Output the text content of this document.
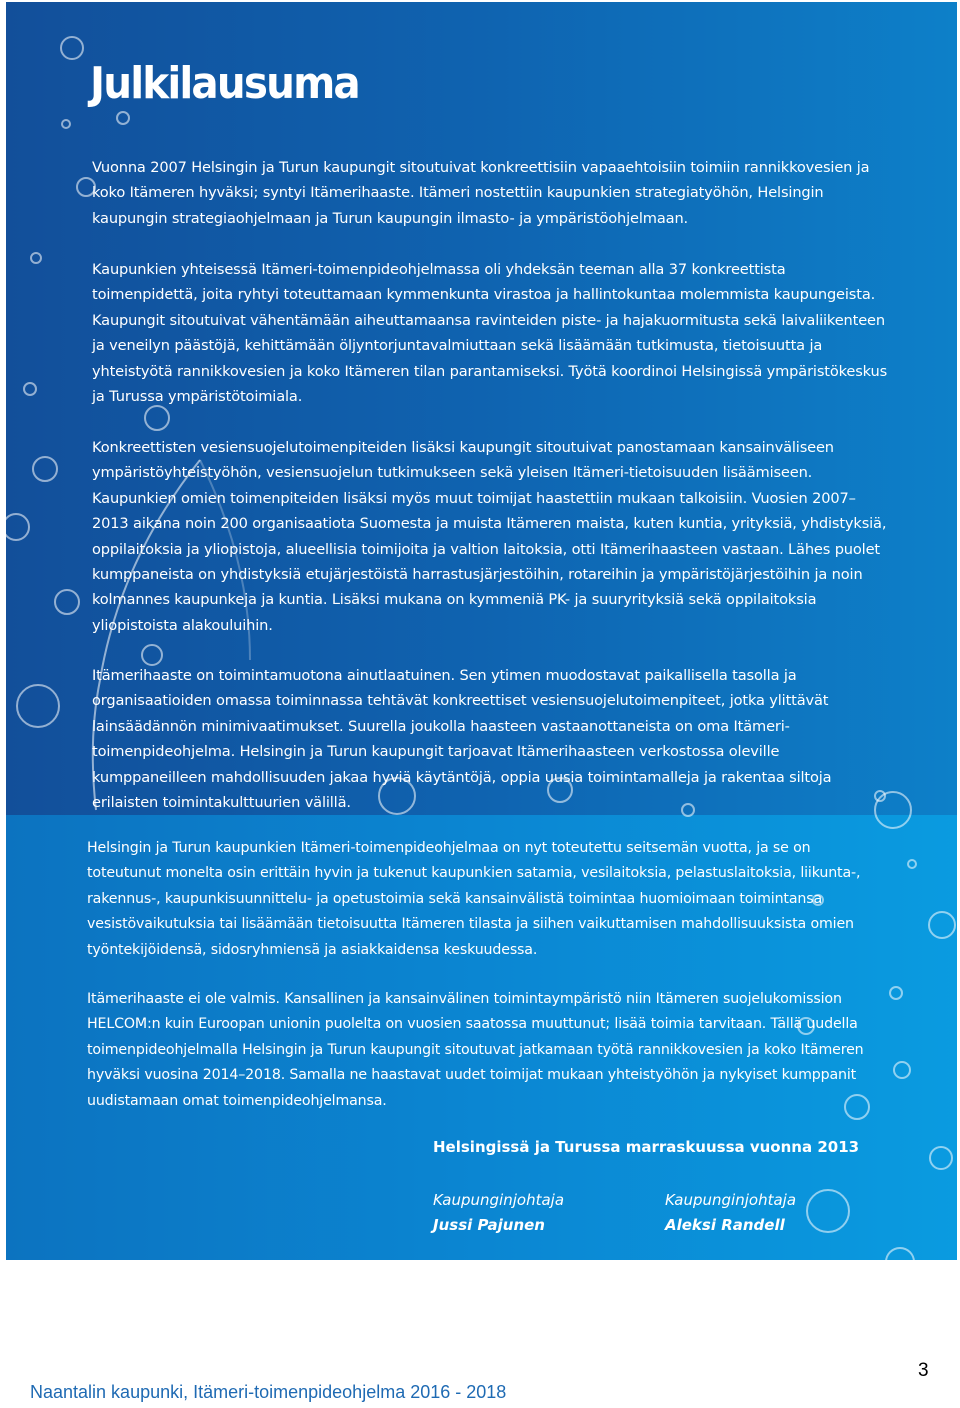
Julkilausuma

Vuonna 2007 Helsingin ja Turun kaupungit sitoutuivat konkreettisiin vapaaehtoisiin toimiin rannikkovesien ja koko Itämeren hyväksi; syntyi Itämerihaaste. Itämeri nostettiin kaupunkien strategiatyöhön, Helsingin kaupungin strategiaohjelmaan ja Turun kaupungin ilmasto- ja ympäristöohjelmaan.

Kaupunkien yhteisessä Itämeri-toimenpideohjelmassa oli yhdeksän teeman alla 37 konkreettista toimenpidettä, joita ryhtyi toteuttamaan kymmenkunta virastoa ja hallintokuntaa molemmista kaupungeista. Kaupungit sitoutuivat vähentämään aiheuttamaansa ravinteiden piste- ja hajakuormitusta sekä laivaliikenteen ja veneilyn päästöjä, kehittämään öljyntorjuntavalmiuttaan sekä lisäämään tutkimusta, tietoisuutta ja yhteistyötä rannikkovesien ja koko Itämeren tilan parantamiseksi. Työtä koordinoi Helsingissä ympäristökeskus ja Turussa ympäristötoimiala.

Konkreettisten vesiensuojelutoimenpiteiden lisäksi kaupungit sitoutuivat panostamaan kansainväliseen ympäristöyhteistyöhön, vesiensuojelun tutkimukseen sekä yleisen Itämeri-tietoisuuden lisäämiseen. Kaupunkien omien toimenpiteiden lisäksi myös muut toimijat haastettiin mukaan talkoisiin. Vuosien 2007–2013 aikana noin 200 organisaatiota Suomesta ja muista Itämeren maista, kuten kuntia, yrityksiä, yhdistyksiä, oppilaitoksia ja yliopistoja, alueellisia toimijoita ja valtion laitoksia, otti Itämerihaasteen vastaan. Lähes puolet kumppaneista on yhdistyksiä etujärjestöistä harrastusjärjestöihin, rotareihin ja ympäristöjärjestöihin ja noin kolmannes kaupunkeja ja kuntia. Lisäksi mukana on kymmeniä PK- ja suuryrityksiä sekä oppilaitoksia yliopistoista alakouluihin.

Itämerihaaste on toimintamuotona ainutlaatuinen. Sen ytimen muodostavat paikallisella tasolla ja organisaatioiden omassa toiminnassa tehtävät konkreettiset vesiensuojelutoimenpiteet, jotka ylittävät lainsäädännön minimivaatimukset. Suurella joukolla haasteen vastaanottaneista on oma Itämeri-toimenpideohjelma. Helsingin ja Turun kaupungit tarjoavat Itämerihaasteen verkostossa oleville kumppaneilleen mahdollisuuden jakaa hyviä käytäntöjä, oppia uusia toimintamalleja ja rakentaa siltoja erilaisten toimintakulttuurien välillä.

Helsingin ja Turun kaupunkien Itämeri-toimenpideohjelmaa on nyt toteutettu seitsemän vuotta, ja se on toteutunut monelta osin erittäin hyvin ja tukenut kaupunkien satamia, vesilaitoksia, pelastuslaitoksia, liikunta-, rakennus-, kaupunkisuunnittelu- ja opetustoimia sekä kansainvälistä toimintaa huomioimaan toimintansa vesistövaikutuksia tai lisäämään tietoisuutta Itämeren tilasta ja siihen vaikuttamisen mahdollisuuksista omien työntekijöidensä, sidosryhmiensä ja asiakkaidensa keskuudessa.

Itämerihaaste ei ole valmis. Kansallinen ja kansainvälinen toimintaympäristö niin Itämeren suojelukomission HELCOM:n kuin Euroopan unionin puolelta on vuosien saatossa muuttunut; lisää toimia tarvitaan. Tällä uudella toimenpideohjelmalla Helsingin ja Turun kaupungit sitoutuvat jatkamaan työtä rannikkovesien ja koko Itämeren hyväksi vuosina 2014–2018. Samalla ne haastavat uudet toimijat mukaan yhteistyöhön ja nykyiset kumppanit uudistamaan omat toimenpideohjelmansa.

Helsingissä ja Turussa marraskuussa vuonna 2013

Kaupunginjohtaja
Jussi Pajunen
Kaupunginjohtaja
Aleksi Randell

Naantalin kaupunki, Itämeri-toimenpideohjelma 2016 - 2018

3
